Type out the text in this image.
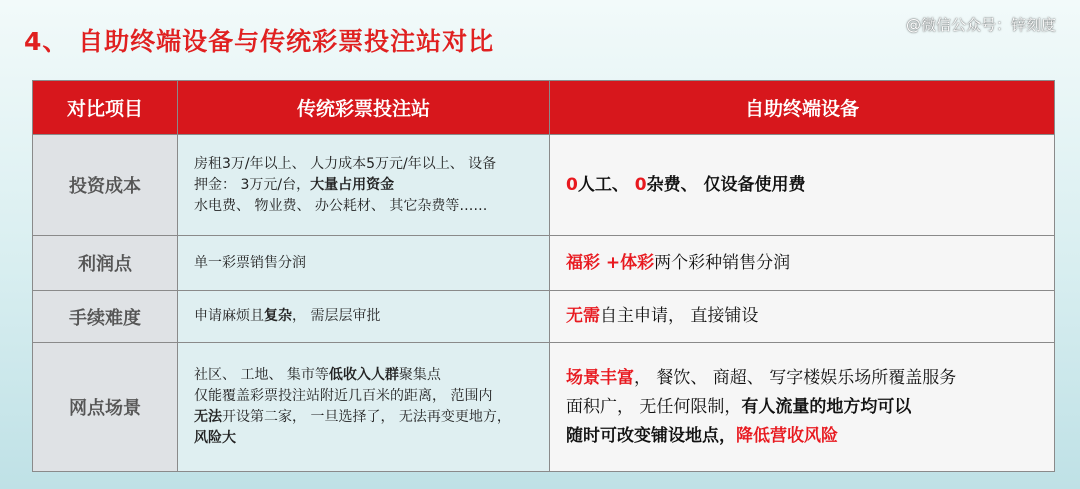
4、 自助终端设备与传统彩票投注站对比
@微信公众号：锌刻度
对比项目	传统彩票投注站	自助终端设备
投资成本	房租3万/年以上、 人力成本5万元/年以上、 设备
押金： 3万元/台，大量占用资金
水电费、 物业费、 办公耗材、 其它杂费等……	0人工、 0杂费、 仅设备使用费

利润点	单一彩票销售分润	福彩 +体彩两个彩种销售分润

手续难度	申请麻烦且复杂， 需层层审批	无需自主申请， 直接铺设

网点场景	社区、 工地、 集市等低收入人群聚集点
仅能覆盖彩票投注站附近几百米的距离， 范围内
无法开设第二家， 一旦选择了， 无法再变更地方，
风险大	场景丰富， 餐饮、 商超、 写字楼娱乐场所覆盖服务
面积广， 无任何限制，有人流量的地方均可以
随时可改变铺设地点，降低营收风险
